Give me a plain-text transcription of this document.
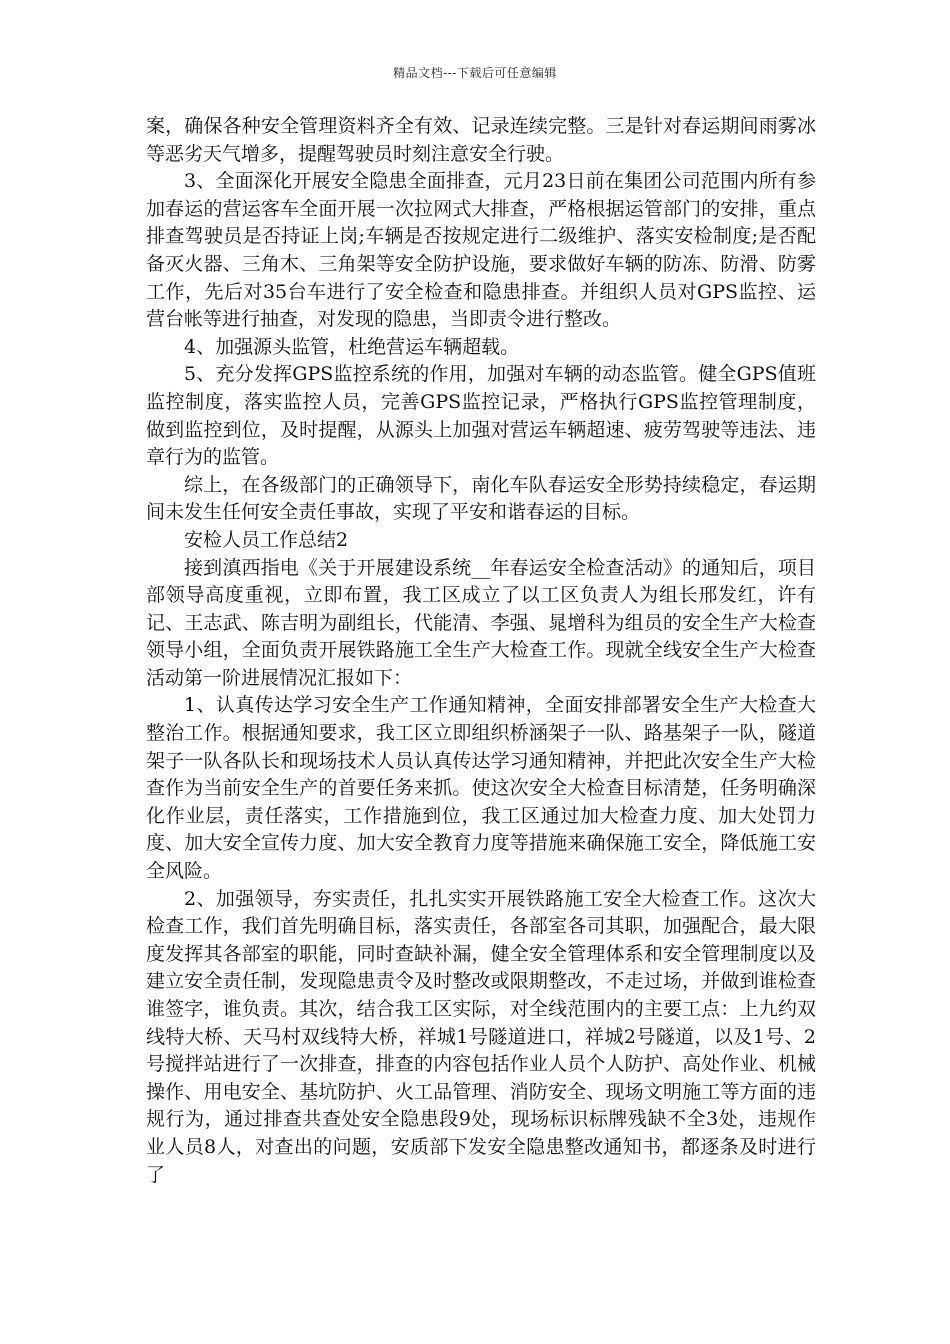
精品文档---下载后可任意编辑

案，确保各种安全管理资料齐全有效、记录连续完整。三是针对春运期间雨雾冰等恶劣天气增多，提醒驾驶员时刻注意安全行驶。

3、全面深化开展安全隐患全面排查，元月23日前在集团公司范围内所有参加春运的营运客车全面开展一次拉网式大排查，严格根据运管部门的安排，重点排查驾驶员是否持证上岗;车辆是否按规定进行二级维护、落实安检制度;是否配备灭火器、三角木、三角架等安全防护设施，要求做好车辆的防冻、防滑、防雾工作，先后对35台车进行了安全检查和隐患排查。并组织人员对GPS监控、运营台帐等进行抽查，对发现的隐患，当即责令进行整改。

4、加强源头监管，杜绝营运车辆超载。

5、充分发挥GPS监控系统的作用，加强对车辆的动态监管。健全GPS值班监控制度，落实监控人员，完善GPS监控记录，严格执行GPS监控管理制度，做到监控到位，及时提醒，从源头上加强对营运车辆超速、疲劳驾驶等违法、违章行为的监管。

综上，在各级部门的正确领导下，南化车队春运安全形势持续稳定，春运期间未发生任何安全责任事故，实现了平安和谐春运的目标。

安检人员工作总结2

接到滇西指电《关于开展建设系统__年春运安全检查活动》的通知后，项目部领导高度重视，立即布置，我工区成立了以工区负责人为组长邢发红，许有记、王志武、陈吉明为副组长，代能清、李强、晁增科为组员的安全生产大检查领导小组，全面负责开展铁路施工全生产大检查工作。现就全线安全生产大检查活动第一阶进展情况汇报如下：

1、认真传达学习安全生产工作通知精神，全面安排部署安全生产大检查大整治工作。根据通知要求，我工区立即组织桥涵架子一队、路基架子一队，隧道架子一队各队长和现场技术人员认真传达学习通知精神，并把此次安全生产大检查作为当前安全生产的首要任务来抓。使这次安全大检查目标清楚，任务明确深化作业层，责任落实，工作措施到位，我工区通过加大检查力度、加大处罚力度、加大安全宣传力度、加大安全教育力度等措施来确保施工安全，降低施工安全风险。

2、加强领导，夯实责任，扎扎实实开展铁路施工安全大检查工作。这次大检查工作，我们首先明确目标，落实责任，各部室各司其职，加强配合，最大限度发挥其各部室的职能，同时查缺补漏，健全安全管理体系和安全管理制度以及建立安全责任制，发现隐患责令及时整改或限期整改，不走过场，并做到谁检查谁签字，谁负责。其次，结合我工区实际，对全线范围内的主要工点：上九约双线特大桥、天马村双线特大桥，祥城1号隧道进口，祥城2号隧道，以及1号、2号搅拌站进行了一次排查，排查的内容包括作业人员个人防护、高处作业、机械操作、用电安全、基坑防护、火工品管理、消防安全、现场文明施工等方面的违规行为，通过排查共查处安全隐患段9处，现场标识标牌残缺不全3处，违规作业人员8人，对查出的问题，安质部下发安全隐患整改通知书，都逐条及时进行了
